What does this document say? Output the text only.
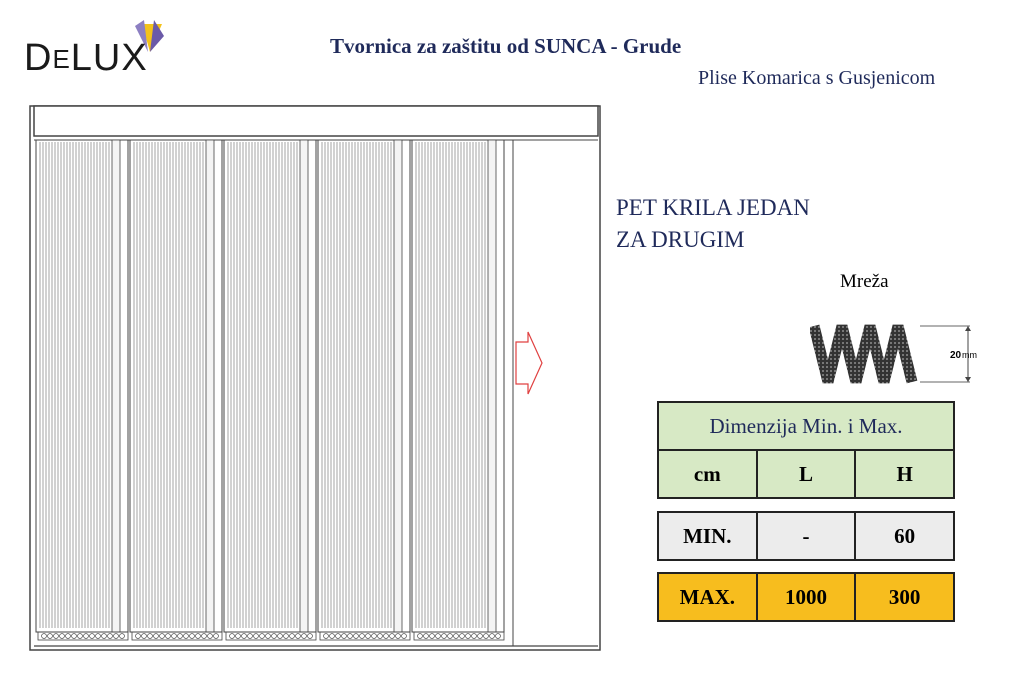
DELUX	Tvornica za zaštitu od SUNCA - Grude
Plise Komarica s Gusjenicom
PET KRILA JEDAN
ZA DRUGIM
Mreža
20 mm
Dimenzija Min. i Max.
cm	L	H
MIN.	-	60
MAX.	1000	300
